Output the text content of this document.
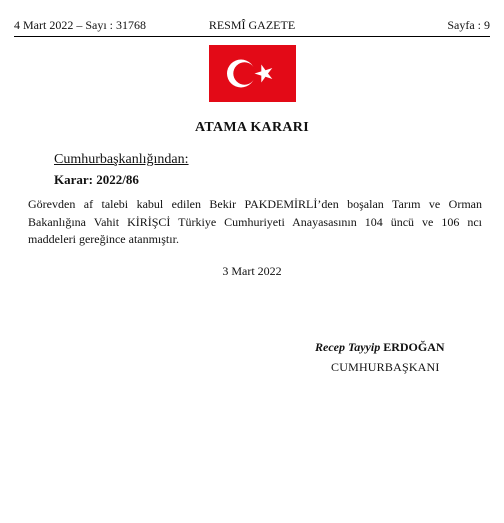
4 Mart 2022 – Sayı : 31768	RESMÎ GAZETE	Sayfa : 9
ATAMA KARARI
Cumhurbaşkanlığından:
Karar: 2022/86
Görevden af talebi kabul edilen Bekir PAKDEMİRLİ’den boşalan Tarım ve Orman Bakanlığına Vahit KİRİŞCİ Türkiye Cumhuriyeti Anayasasının 104 üncü ve 106 ncı maddeleri gereğince atanmıştır.
3 Mart 2022
Recep Tayyip ERDOĞAN
CUMHURBAŞKANI
